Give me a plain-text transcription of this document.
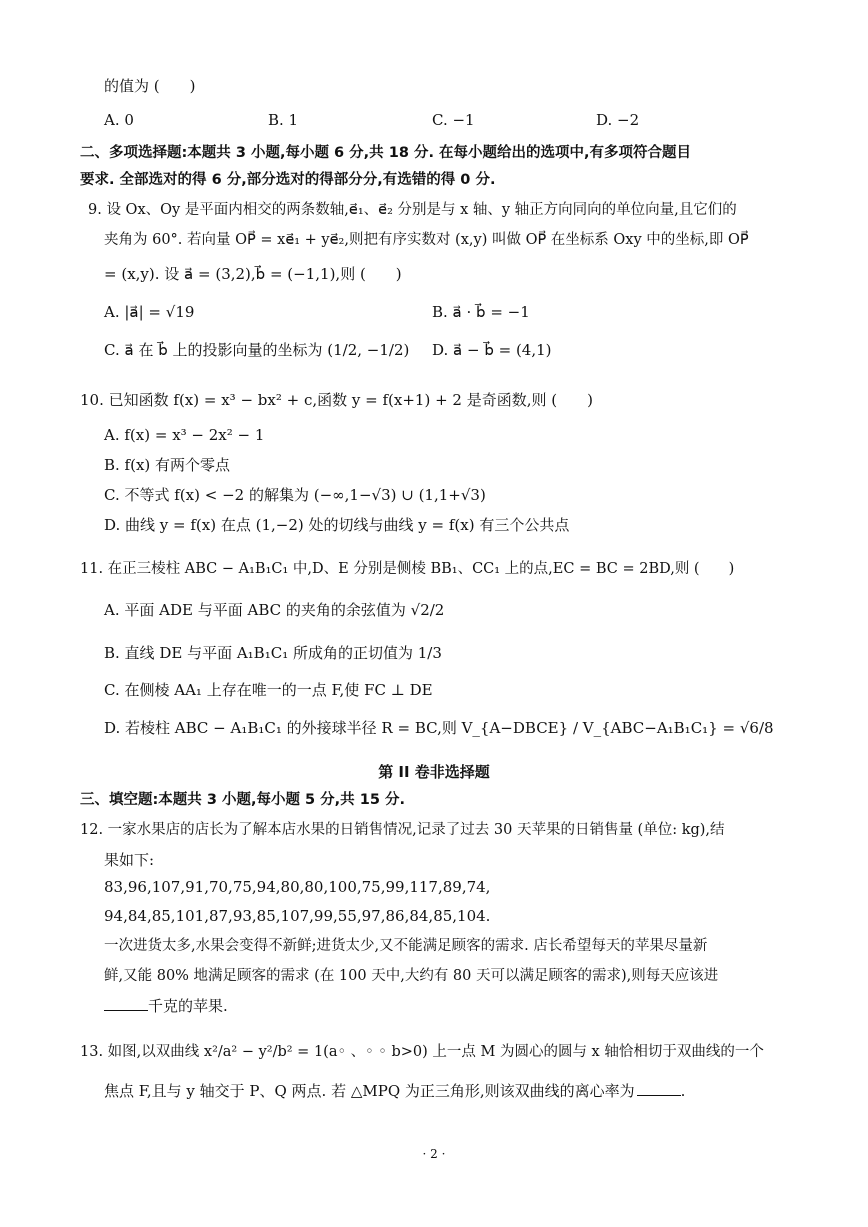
的值为 (　　)
A. 0	B. 1	C. −1	D. −2
二、多项选择题:本题共 3 小题,每小题 6 分,共 18 分. 在每小题给出的选项中,有多项符合题目
要求. 全部选对的得 6 分,部分选对的得部分分,有选错的得 0 分.
9. 设 Ox、Oy 是平面内相交的两条数轴,e⃗₁、e⃗₂ 分别是与 x 轴、y 轴正方向同向的单位向量,且它们的
夹角为 60°. 若向量 OP⃗ = xe⃗₁ + ye⃗₂,则把有序实数对 (x,y) 叫做 OP⃗ 在坐标系 Oxy 中的坐标,即 OP⃗
= (x,y). 设 a⃗ = (3,2),b⃗ = (−1,1),则 (　　)
A. |a⃗| = √19	B. a⃗ · b⃗ = −1
C. a⃗ 在 b⃗ 上的投影向量的坐标为 (1/2, −1/2) D. a⃗ − b⃗ = (4,1)
10. 已知函数 f(x) = x³ − bx² + c,函数 y = f(x+1) + 2 是奇函数,则 (　　)
A. f(x) = x³ − 2x² − 1
B. f(x) 有两个零点
C. 不等式 f(x) < −2 的解集为 (−∞,1−√3) ∪ (1,1+√3)
D. 曲线 y = f(x) 在点 (1,−2) 处的切线与曲线 y = f(x) 有三个公共点
11. 在正三棱柱 ABC − A₁B₁C₁ 中,D、E 分别是侧棱 BB₁、CC₁ 上的点,EC = BC = 2BD,则 (　　)
A. 平面 ADE 与平面 ABC 的夹角的余弦值为 √2/2
B. 直线 DE 与平面 A₁B₁C₁ 所成角的正切值为 1/3
C. 在侧棱 AA₁ 上存在唯一的一点 F,使 FC ⊥ DE
D. 若棱柱 ABC − A₁B₁C₁ 的外接球半径 R = BC,则 V_{A−DBCE} / V_{ABC−A₁B₁C₁} = √6/8
第 II 卷非选择题
三、填空题:本题共 3 小题,每小题 5 分,共 15 分.
12. 一家水果店的店长为了解本店水果的日销售情况,记录了过去 30 天苹果的日销售量 (单位: kg),结
果如下:
83,96,107,91,70,75,94,80,80,100,75,99,117,89,74,
94,84,85,101,87,93,85,107,99,55,97,86,84,85,104.
一次进货太多,水果会变得不新鲜;进货太少,又不能满足顾客的需求. 店长希望每天的苹果尽量新
鲜,又能 80% 地满足顾客的需求 (在 100 天中,大约有 80 天可以满足顾客的需求),则每天应该进
千克的苹果.
13. 如图,以双曲线 x²/a² − y²/b² = 1(a◦ 、◦ ◦ b>0) 上一点 M 为圆心的圆与 x 轴恰相切于双曲线的一个
焦点 F,且与 y 轴交于 P、Q 两点. 若 △MPQ 为正三角形,则该双曲线的离心率为	.
· 2 ·
